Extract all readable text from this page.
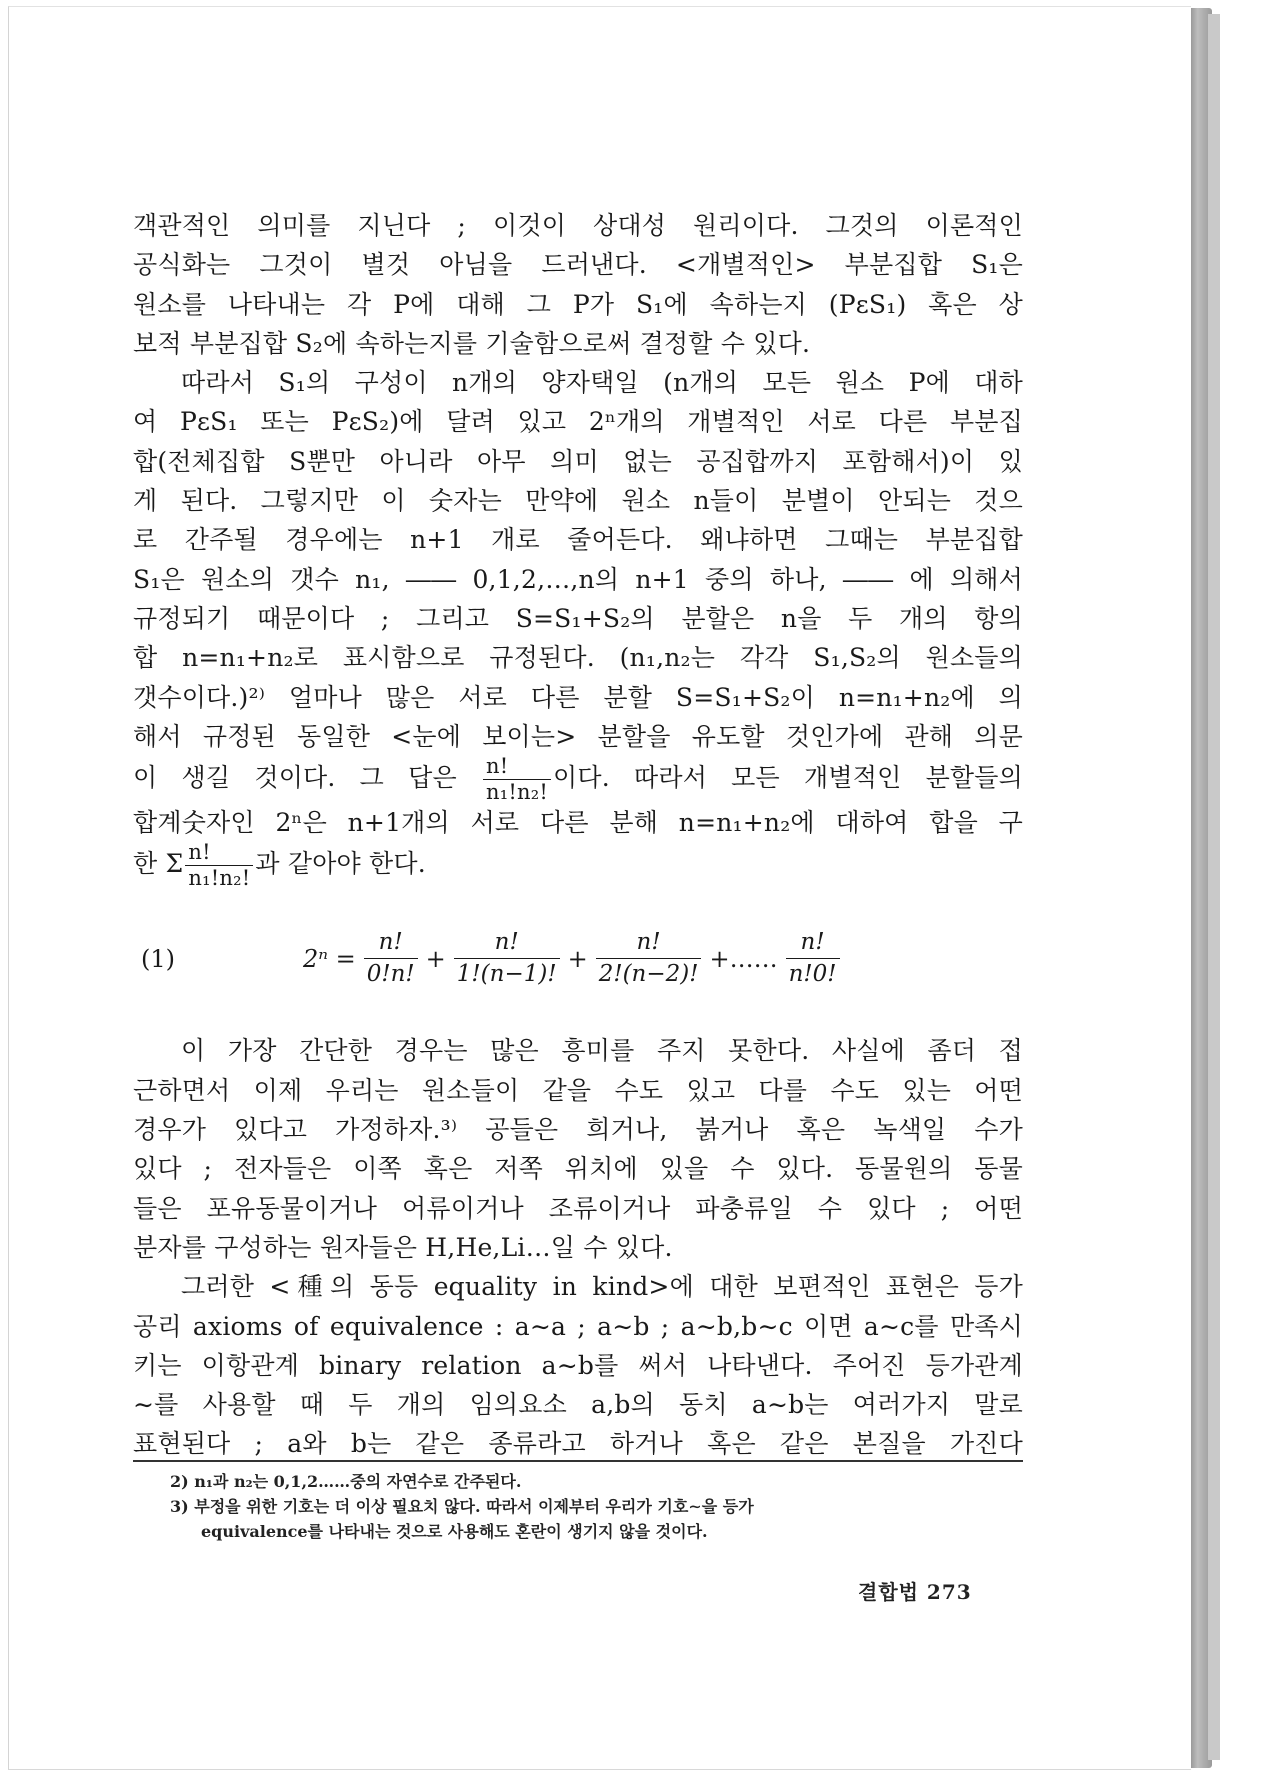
객관적인 의미를 지닌다 ; 이것이 상대성 원리이다. 그것의 이론적인

공식화는 그것이 별것 아님을 드러낸다. <개별적인> 부분집합 S₁은

원소를 나타내는 각 P에 대해 그 P가 S₁에 속하는지 (PεS₁) 혹은 상

보적 부분집합 S₂에 속하는지를 기술함으로써 결정할 수 있다.

따라서 S₁의 구성이 n개의 양자택일 (n개의 모든 원소 P에 대하

여 PεS₁ 또는 PεS₂)에 달려 있고 2ⁿ개의 개별적인 서로 다른 부분집

합(전체집합 S뿐만 아니라 아무 의미 없는 공집합까지 포함해서)이 있

게 된다. 그렇지만 이 숫자는 만약에 원소 n들이 분별이 안되는 것으

로 간주될 경우에는 n+1 개로 줄어든다. 왜냐하면 그때는 부분집합

S₁은 원소의 갯수 n₁, ―― 0,1,2,…,n의 n+1 중의 하나, ―― 에 의해서

규정되기 때문이다 ; 그리고 S=S₁+S₂의 분할은 n을 두 개의 항의

합 n=n₁+n₂로 표시함으로 규정된다. (n₁,n₂는 각각 S₁,S₂의 원소들의

갯수이다.)²⁾ 얼마나 많은 서로 다른 분할 S=S₁+S₂이 n=n₁+n₂에 의

해서 규정된 동일한 <눈에 보이는> 분할을 유도할 것인가에 관해 의문

이 생길 것이다. 그 답은 $\frac{n!}{\text{n₁!n₂!}}$ 이다. 따라서 모든 개별적인 분할들의

합계숫자인 2ⁿ은 n+1개의 서로 다른 분해 n=n₁+n₂에 대하여 합을 구

한 Σ $\frac{n!}{\text{n₁!n₂!}}$ 과 같아야 한다.

(1)	$2^n = \frac{n!}{0!n!} + \frac{n!}{1!(n-1)!} + \frac{n!}{2!(n-2)!}$ +…… $\frac{n!}{n!0!}$

이 가장 간단한 경우는 많은 흥미를 주지 못한다. 사실에 좀더 접

근하면서 이제 우리는 원소들이 같을 수도 있고 다를 수도 있는 어떤

경우가 있다고 가정하자.³⁾ 공들은 희거나, 붉거나 혹은 녹색일 수가

있다 ; 전자들은 이쪽 혹은 저쪽 위치에 있을 수 있다. 동물원의 동물

들은 포유동물이거나 어류이거나 조류이거나 파충류일 수 있다 ; 어떤

분자를 구성하는 원자들은 H,He,Li…일 수 있다.

그러한 <種의 동등 equality in kind>에 대한 보편적인 표현은 등가

공리 axioms of equivalence : a∼a ; a∼b ; a∼b,b∼c 이면 a∼c를 만족시

키는 이항관계 binary relation a∼b를 써서 나타낸다. 주어진 등가관계

∼를 사용할 때 두 개의 임의요소 a,b의 동치 a∼b는 여러가지 말로

표현된다 ; a와 b는 같은 종류라고 하거나 혹은 같은 본질을 가진다

2) n₁과 n₂는 0,1,2……중의 자연수로 간주된다.

3) 부정을 위한 기호는 더 이상 필요치 않다. 따라서 이제부터 우리가 기호∼을 등가

equivalence를 나타내는 것으로 사용해도 혼란이 생기지 않을 것이다.

결합법 273
